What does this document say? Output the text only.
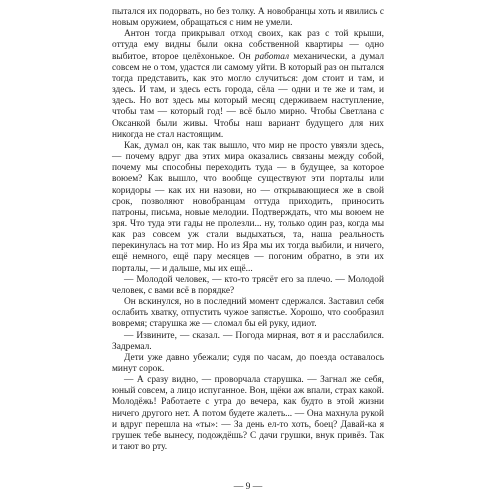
пытался их подорвать, но без толку. А новобранцы хоть и явились с новым оружием, обращаться с ним не умели.

Антон тогда прикрывал отход своих, как раз с той крыши, оттуда ему видны были окна собственной квартиры — одно выбитое, второе целёхонькое. Он работал механически, а думал совсем не о том, удастся ли самому уйти. В который раз он пытался тогда представить, как это могло случиться: дом стоит и там, и здесь. И там, и здесь есть города, сёла — одни и те же и там, и здесь. Но вот здесь мы который месяц сдерживаем наступление, чтобы там — который год! — всё было мирно. Чтобы Светлана с Оксанкой были живы. Чтобы наш вариант будущего для них никогда не стал настоящим.

Как, думал он, как так вышло, что мир не просто увязли здесь, — почему вдруг два этих мира оказались связаны между собой, почему мы способны переходить туда — в будущее, за которое воюем? Как вышло, что вообще существуют эти порталы или коридоры — как их ни назови, но — открывающиеся же в свой срок, позволяют новобранцам оттуда приходить, приносить патроны, письма, новые мелодии. Подтверждать, что мы воюем не зря. Что туда эти гады не пролезли... ну, только один раз, когда мы как раз совсем уж стали выдыхаться, та, наша реальность перекинулась на тот мир. Но из Яра мы их тогда выбили, и ничего, ещё немного, ещё пару месяцев — погоним обратно, в эти их порталы, — и дальше, мы их ещё...

— Молодой человек, — кто-то трясёт его за плечо. — Молодой человек, с вами всё в порядке?

Он вскинулся, но в последний момент сдержался. Заставил себя ослабить хватку, отпустить чужое запястье. Хорошо, что сообразил вовремя; старушка же — сломал бы ей руку, идиот.

— Извините, — сказал. — Погода мирная, вот я и расслабился. Задремал.

Дети уже давно убежали; судя по часам, до поезда оставалось минут сорок.

— А сразу видно, — проворчала старушка. — Загнал же себя, юный совсем, а лицо испуганное. Вон, щёки аж впали, страх какой. Молодёжь! Работаете с утра до вечера, как будто в этой жизни ничего другого нет. А потом будете жалеть... — Она махнула рукой и вдруг перешла на «ты»: — За день ел-то хоть, боец? Давай-ка я грушек тебе вынесу, подождёшь? С дачи грушки, внук привёз. Так и тают во рту.

— 9 —
